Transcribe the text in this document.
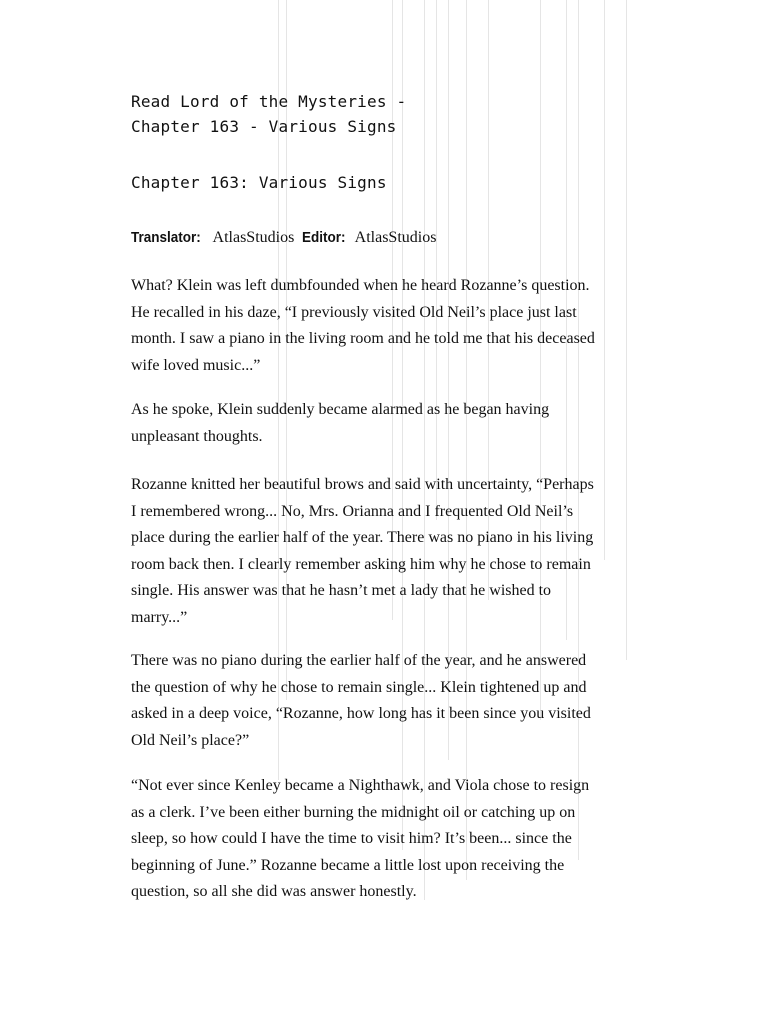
Read Lord of the Mysteries -
Chapter 163 - Various Signs
Chapter 163: Various Signs
Translator: AtlasStudios Editor: AtlasStudios
What? Klein was left dumbfounded when he heard Rozanne’s question.
He recalled in his daze, “I previously visited Old Neil’s place just last
month. I saw a piano in the living room and he told me that his deceased
wife loved music...”
As he spoke, Klein suddenly became alarmed as he began having
unpleasant thoughts.
Rozanne knitted her beautiful brows and said with uncertainty, “Perhaps
I remembered wrong... No, Mrs. Orianna and I frequented Old Neil’s
place during the earlier half of the year. There was no piano in his living
room back then. I clearly remember asking him why he chose to remain
single. His answer was that he hasn’t met a lady that he wished to
marry...”
There was no piano during the earlier half of the year, and he answered
the question of why he chose to remain single... Klein tightened up and
asked in a deep voice, “Rozanne, how long has it been since you visited
Old Neil’s place?”
“Not ever since Kenley became a Nighthawk, and Viola chose to resign
as a clerk. I’ve been either burning the midnight oil or catching up on
sleep, so how could I have the time to visit him? It’s been... since the
beginning of June.” Rozanne became a little lost upon receiving the
question, so all she did was answer honestly.
